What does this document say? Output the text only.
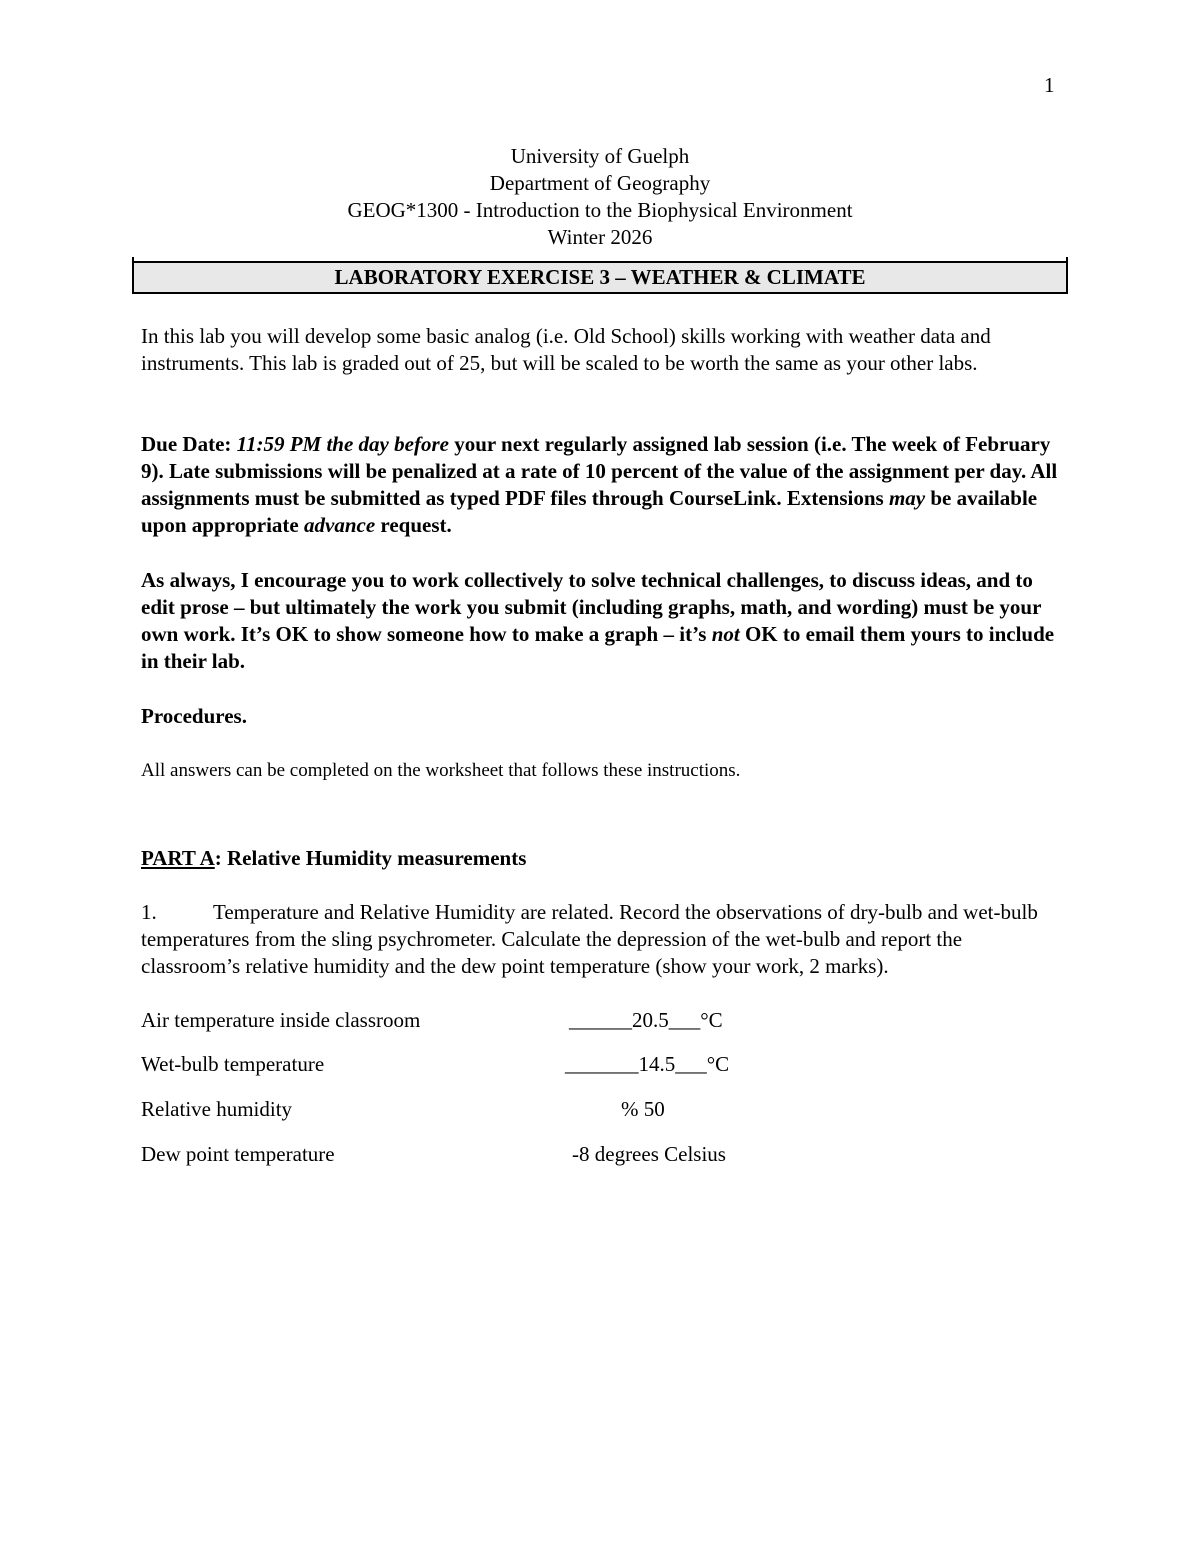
1
University of Guelph
Department of Geography
GEOG*1300 - Introduction to the Biophysical Environment
Winter 2026
LABORATORY EXERCISE 3 – WEATHER & CLIMATE
In this lab you will develop some basic analog (i.e. Old School) skills working with weather data and instruments. This lab is graded out of 25, but will be scaled to be worth the same as your other labs.
Due Date: 11:59 PM the day before your next regularly assigned lab session (i.e. The week of February 9). Late submissions will be penalized at a rate of 10 percent of the value of the assignment per day. All assignments must be submitted as typed PDF files through CourseLink. Extensions may be available upon appropriate advance request.
As always, I encourage you to work collectively to solve technical challenges, to discuss ideas, and to edit prose – but ultimately the work you submit (including graphs, math, and wording) must be your own work. It’s OK to show someone how to make a graph – it’s not OK to email them yours to include in their lab.
Procedures.
All answers can be completed on the worksheet that follows these instructions.
PART A: Relative Humidity measurements
1.	Temperature and Relative Humidity are related. Record the observations of dry-bulb and wet-bulb temperatures from the sling psychrometer. Calculate the depression of the wet-bulb and report the classroom’s relative humidity and the dew point temperature (show your work, 2 marks).
Air temperature inside classroom	______20.5___°C
Wet-bulb temperature	_______14.5___°C
Relative humidity	% 50
Dew point temperature	-8 degrees Celsius
